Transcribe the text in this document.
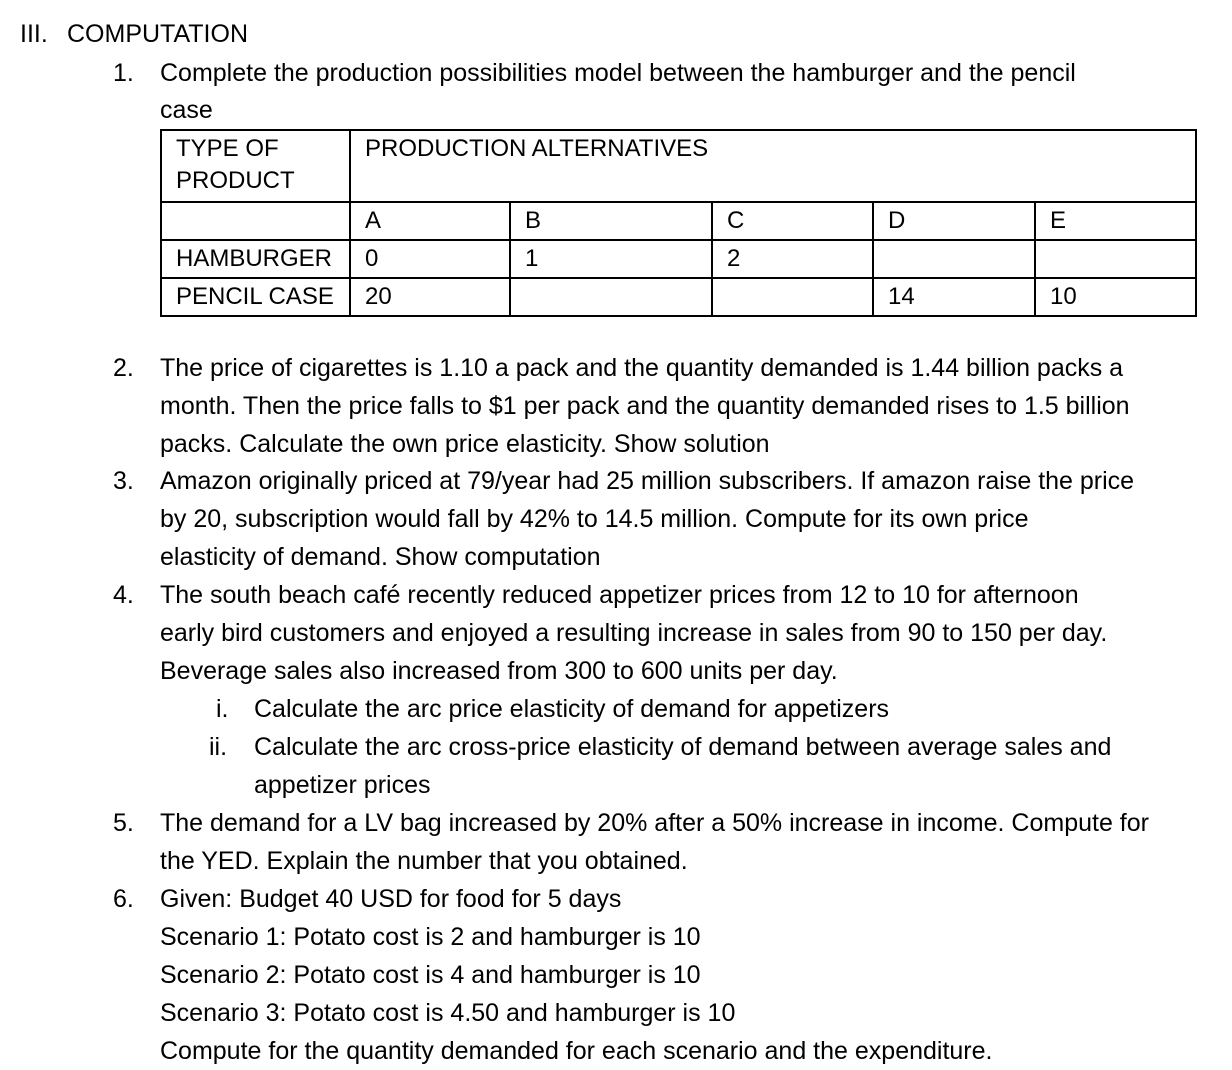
III. COMPUTATION
1. Complete the production possibilities model between the hamburger and the pencil
case
TYPE OF PRODUCT	PRODUCTION ALTERNATIVES				
	A	B	C	D	E
HAMBURGER	0	1	2		
PENCIL CASE	20			14	10
2. The price of cigarettes is 1.10 a pack and the quantity demanded is 1.44 billion packs a
month. Then the price falls to $1 per pack and the quantity demanded rises to 1.5 billion
packs. Calculate the own price elasticity. Show solution
3. Amazon originally priced at 79/year had 25 million subscribers. If amazon raise the price
by 20, subscription would fall by 42% to 14.5 million. Compute for its own price
elasticity of demand. Show computation
4. The south beach café recently reduced appetizer prices from 12 to 10 for afternoon
early bird customers and enjoyed a resulting increase in sales from 90 to 150 per day.
Beverage sales also increased from 300 to 600 units per day.
i. Calculate the arc price elasticity of demand for appetizers
ii. Calculate the arc cross-price elasticity of demand between average sales and
appetizer prices
5. The demand for a LV bag increased by 20% after a 50% increase in income. Compute for
the YED. Explain the number that you obtained.
6. Given: Budget 40 USD for food for 5 days
Scenario 1: Potato cost is 2 and hamburger is 10
Scenario 2: Potato cost is 4 and hamburger is 10
Scenario 3: Potato cost is 4.50 and hamburger is 10
Compute for the quantity demanded for each scenario and the expenditure.
